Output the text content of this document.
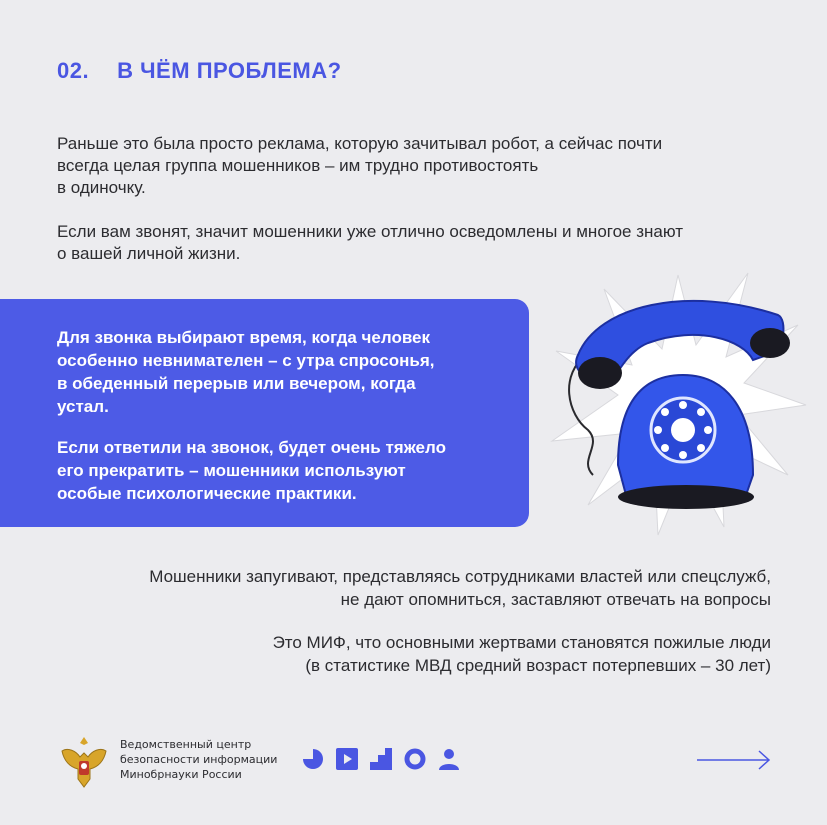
02. В ЧЁМ ПРОБЛЕМА?

Раньше это была просто реклама, которую зачитывал робот, а сейчас почти
всегда целая группа мошенников – им трудно противостоять
в одиночку.

Если вам звонят, значит мошенники уже отлично осведомлены и многое знают
о вашей личной жизни.

Для звонка выбирают время, когда человек
особенно невнимателен – с утра спросонья,
в обеденный перерыв или вечером, когда
устал.

Если ответили на звонок, будет очень тяжело
его прекратить – мошенники используют
особые психологические практики.

Мошенники запугивают, представляясь сотрудниками властей или спецслужб,
не дают опомниться, заставляют отвечать на вопросы

Это МИФ, что основными жертвами становятся пожилые люди
(в статистике МВД средний возраст потерпевших – 30 лет)

Ведомственный центр
безопасности информации
Минобрнауки России
